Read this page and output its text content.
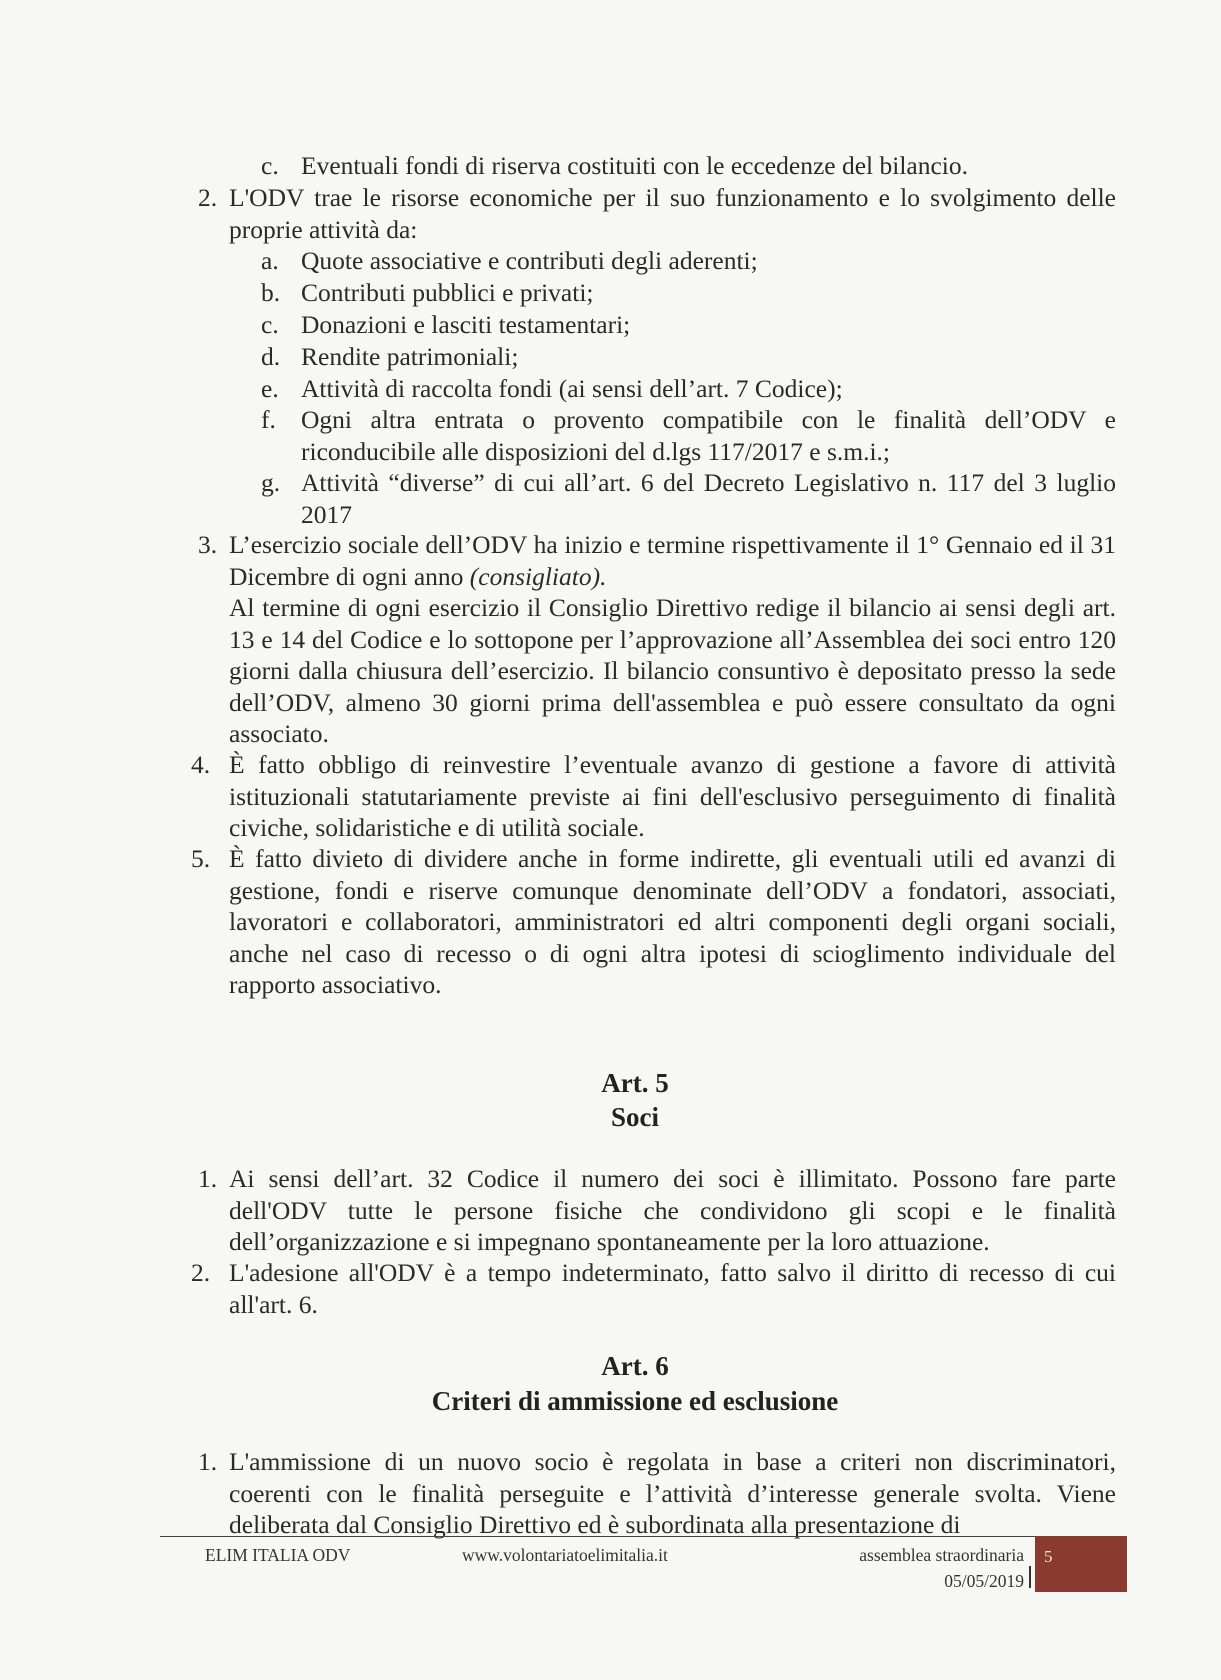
c. Eventuali fondi di riserva costituiti con le eccedenze del bilancio.
2. L'ODV trae le risorse economiche per il suo funzionamento e lo svolgimento delle proprie attività da:
a. Quote associative e contributi degli aderenti;
b. Contributi pubblici e privati;
c. Donazioni e lasciti testamentari;
d. Rendite patrimoniali;
e. Attività di raccolta fondi (ai sensi dell’art. 7 Codice);
f. Ogni altra entrata o provento compatibile con le finalità dell’ODV e riconducibile alle disposizioni del d.lgs 117/2017 e s.m.i.;
g. Attività “diverse” di cui all’art. 6 del Decreto Legislativo n. 117 del 3 luglio 2017
3. L’esercizio sociale dell’ODV ha inizio e termine rispettivamente il 1° Gennaio ed il 31 Dicembre di ogni anno (consigliato).
Al termine di ogni esercizio il Consiglio Direttivo redige il bilancio ai sensi degli art. 13 e 14 del Codice e lo sottopone per l’approvazione all’Assemblea dei soci entro 120 giorni dalla chiusura dell’esercizio. Il bilancio consuntivo è depositato presso la sede dell’ODV, almeno 30 giorni prima dell'assemblea e può essere consultato da ogni associato.
4. È fatto obbligo di reinvestire l’eventuale avanzo di gestione a favore di attività istituzionali statutariamente previste ai fini dell'esclusivo perseguimento di finalità civiche, solidaristiche e di utilità sociale.
5. È fatto divieto di dividere anche in forme indirette, gli eventuali utili ed avanzi di gestione, fondi e riserve comunque denominate dell’ODV a fondatori, associati, lavoratori e collaboratori, amministratori ed altri componenti degli organi sociali, anche nel caso di recesso o di ogni altra ipotesi di scioglimento individuale del rapporto associativo.
Art. 5
Soci
1. Ai sensi dell’art. 32 Codice il numero dei soci è illimitato. Possono fare parte dell'ODV tutte le persone fisiche che condividono gli scopi e le finalità dell’organizzazione e si impegnano spontaneamente per la loro attuazione.
2. L'adesione all'ODV è a tempo indeterminato, fatto salvo il diritto di recesso di cui all'art. 6.
Art. 6
Criteri di ammissione ed esclusione
1. L'ammissione di un nuovo socio è regolata in base a criteri non discriminatori, coerenti con le finalità perseguite e l’attività d’interesse generale svolta. Viene deliberata dal Consiglio Direttivo ed è subordinata alla presentazione di
ELIM ITALIA ODV	www.volontariatoelimitalia.it	assemblea straordinaria
05/05/2019
5
